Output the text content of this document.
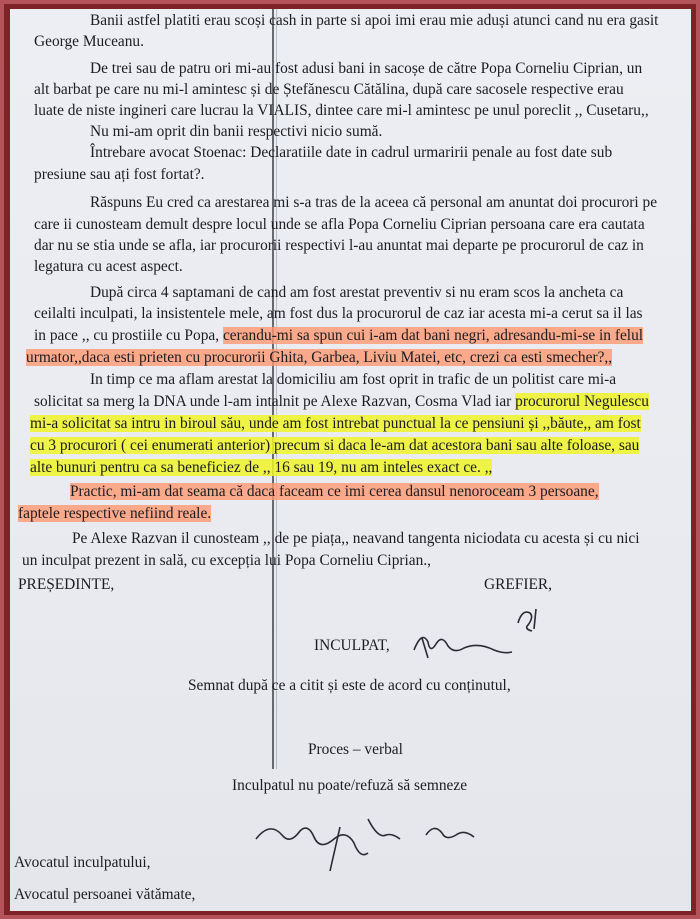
Banii astfel platiti erau scoși cash in parte si apoi imi erau mie aduși atunci cand nu era gasit
George Muceanu.
De trei sau de patru ori mi-au fost adusi bani in sacoșe de către Popa Corneliu Ciprian, un
alt barbat pe care nu mi-l amintesc și de Ștefănescu Cătălina, după care sacosele respective erau
luate de niste ingineri care lucrau la VIALIS, dintee care mi-l amintesc pe unul poreclit ,, Cusetaru,,
Nu mi-am oprit din banii respectivi nicio sumă.
Întrebare avocat Stoenac: Declaratiile date in cadrul urmaririi penale au fost date sub
presiune sau ați fost fortat?.
Răspuns Eu cred ca arestarea mi s-a tras de la aceea că personal am anuntat doi procurori pe
care ii cunosteam demult despre locul unde se afla Popa Corneliu Ciprian persoana care era cautata
dar nu se stia unde se afla, iar procurorii respectivi l-au anuntat mai departe pe procurorul de caz in
legatura cu acest aspect.
După circa 4 saptamani de cand am fost arestat preventiv si nu eram scos la ancheta ca
ceilalti inculpati, la insistentele mele, am fost dus la procurorul de caz iar acesta mi-a cerut sa il las
in pace ,, cu prostiile cu Popa, cerandu-mi sa spun cui i-am dat bani negri, adresandu-mi-se in felul
urmator,,daca esti prieten cu procurorii Ghita, Garbea, Liviu Matei, etc, crezi ca esti smecher?,,
In timp ce ma aflam arestat la domiciliu am fost oprit in trafic de un politist care mi-a
solicitat sa merg la DNA unde l-am intalnit pe Alexe Razvan, Cosma Vlad iar procurorul Negulescu
mi-a solicitat sa intru in biroul său, unde am fost intrebat punctual la ce pensiuni și ,,băute,, am fost
cu 3 procurori ( cei enumerati anterior) precum si daca le-am dat acestora bani sau alte foloase, sau
alte bunuri pentru ca sa beneficiez de ,, 16 sau 19, nu am inteles exact ce. ,,
Practic, mi-am dat seama că daca faceam ce imi cerea dansul nenoroceam 3 persoane,
faptele respective nefiind reale.
Pe Alexe Razvan il cunosteam ,, de pe piața,, neavand tangenta niciodata cu acesta și cu nici
un inculpat prezent in sală, cu excepția lui Popa Corneliu Ciprian.,
PREȘEDINTE,	GREFIER,
INCULPAT,
Semnat după ce a citit și este de acord cu conținutul,
Proces – verbal
Inculpatul nu poate/refuză să semneze
Avocatul inculpatului,
Avocatul persoanei vătămate,
